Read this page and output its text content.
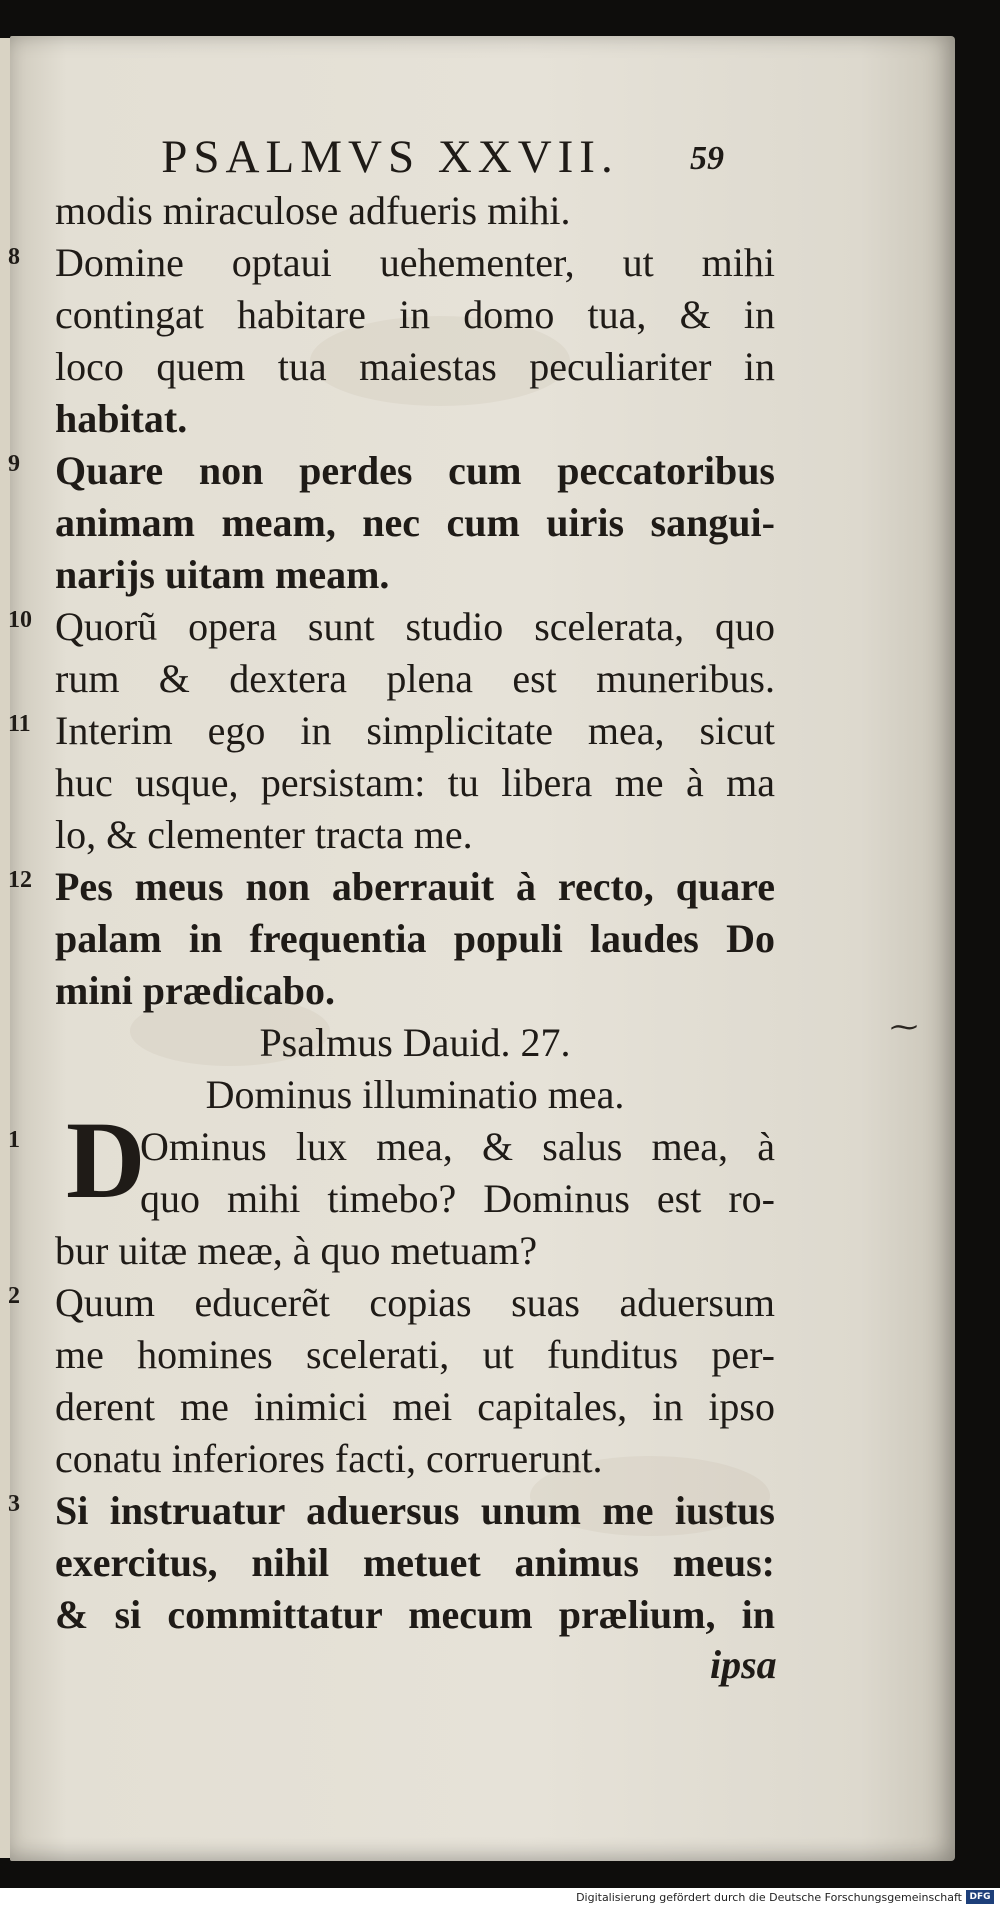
PSALMVS XXVII.	59
8
9
10
11
12
modis miraculose adfueris mihi.
Domine optaui uehementer, ut mihi
contingat habitare in domo tua, & in
loco quem tua maiestas peculiariter in
habitat.
Quare non perdes cum peccatoribus
animam meam, nec cum uiris sangui-
narijs uitam meam.
Quorũ opera sunt studio scelerata, quo
rum & dextera plena est muneribus.
Interim ego in simplicitate mea, sicut
huc usque, persistam: tu libera me à ma
lo, & clementer tracta me.
Pes meus non aberrauit à recto, quare
palam in frequentia populi laudes Do
mini prædicabo.
Psalmus Dauid. 27.
Dominus illuminatio mea.
⁓
D
1
2
3
Ominus lux mea, & salus mea, à
quo mihi timebo? Dominus est ro-
bur uitæ meæ, à quo metuam?
Quum educerẽt copias suas aduersum
me homines scelerati, ut funditus per-
derent me inimici mei capitales, in ipso
conatu inferiores facti, corruerunt.
Si instruatur aduersus unum me iustus
exercitus, nihil metuet animus meus:
& si committatur mecum prælium, in
ipsa
Digitalisierung gefördert durch die Deutsche Forschungsgemeinschaft DFG
